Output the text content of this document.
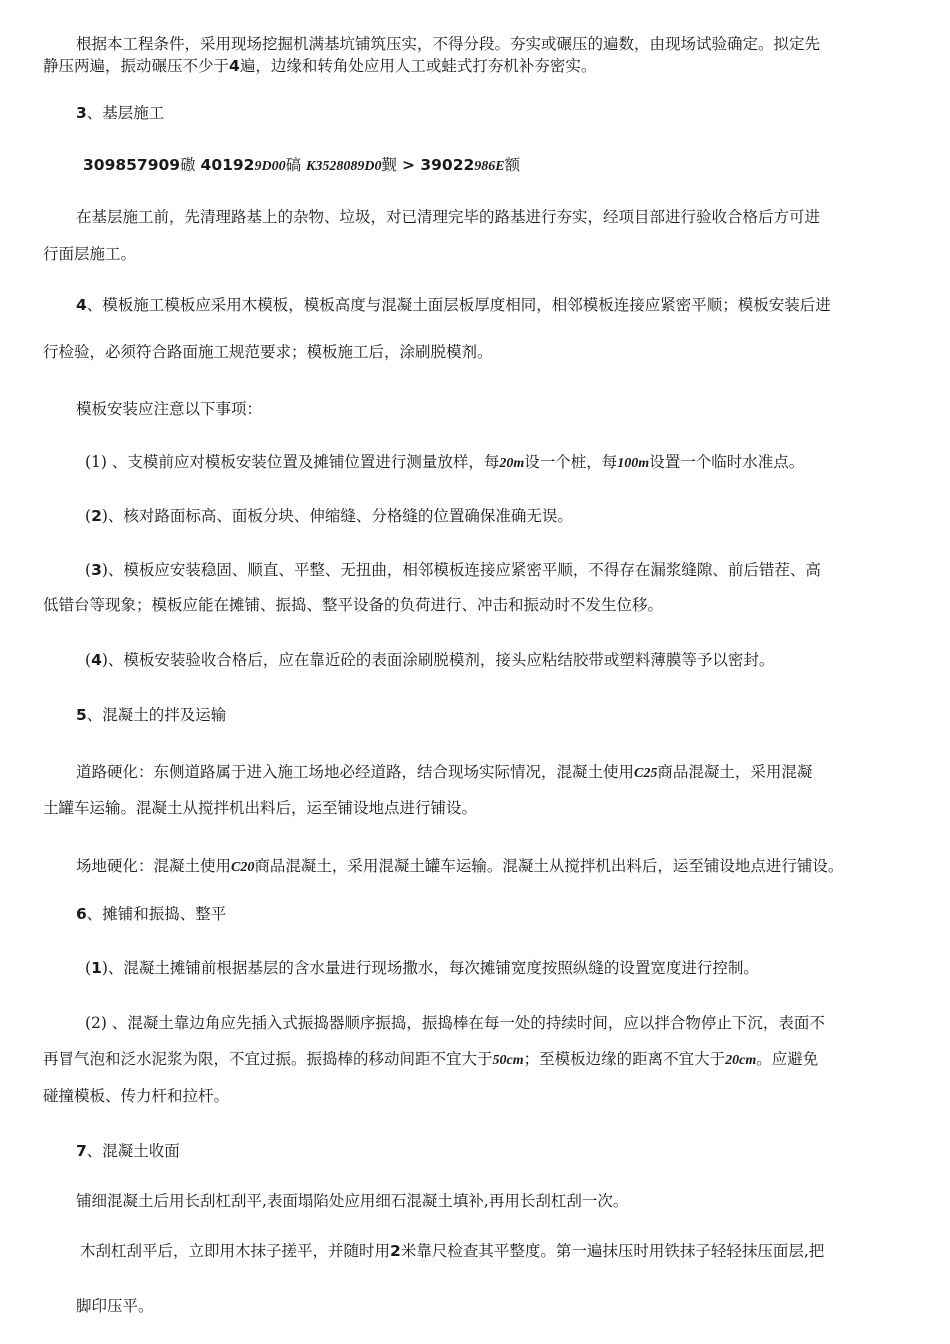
根据本工程条件，采用现场挖掘机满基坑铺筑压实，不得分段。夯实或碾压的遍数，由现场试验确定。拟定先
静压两遍，振动碾压不少于4遍，边缘和转角处应用人工或蛙式打夯机补夯密实。
3、基层施工
309857909磝 401929D00碻 K3528089D0觐 > 39022986E额
在基层施工前，先清理路基上的杂物、垃圾，对已清理完毕的路基进行夯实，经项目部进行验收合格后方可进
行面层施工。
4、模板施工模板应采用木模板，模板高度与混凝土面层板厚度相同，相邻模板连接应紧密平顺；模板安装后进
行检验，必须符合路面施工规范要求；模板施工后，涂刷脱模剂。
模板安装应注意以下事项：
(1) 、支模前应对模板安装位置及摊铺位置进行测量放样，每20m设一个桩，每100m设置一个临时水准点。
(2)、核对路面标高、面板分块、伸缩缝、分格缝的位置确保准确无误。
(3)、模板应安装稳固、顺直、平整、无扭曲，相邻模板连接应紧密平顺，不得存在漏浆缝隙、前后错茬、高
低错台等现象；模板应能在摊铺、振捣、整平设备的负荷进行、冲击和振动时不发生位移。
(4)、模板安装验收合格后，应在靠近砼的表面涂刷脱模剂，接头应粘结胶带或塑料薄膜等予以密封。
5、混凝土的拌及运输
道路硬化：东侧道路属于进入施工场地必经道路，结合现场实际情况，混凝土使用C25商品混凝土，采用混凝
土罐车运输。混凝土从搅拌机出料后，运至铺设地点进行铺设。
场地硬化：混凝土使用C20商品混凝土，采用混凝土罐车运输。混凝土从搅拌机出料后，运至铺设地点进行铺设。
6、摊铺和振捣、整平
(1)、混凝土摊铺前根据基层的含水量进行现场撒水，每次摊铺宽度按照纵缝的设置宽度进行控制。
(2) 、混凝土靠边角应先插入式振捣器顺序振捣，振捣棒在每一处的持续时间，应以拌合物停止下沉，表面不
再冒气泡和泛水泥浆为限，不宜过振。振捣棒的移动间距不宜大于50cm；至模板边缘的距离不宜大于20cm。应避免
碰撞模板、传力杆和拉杆。
7、混凝土收面
铺细混凝土后用长刮杠刮平,表面塌陷处应用细石混凝土填补,再用长刮杠刮一次。
木刮杠刮平后，立即用木抹子搓平，并随时用2米靠尺检查其平整度。第一遍抹压时用铁抹子轻轻抹压面层,把
脚印压平。
